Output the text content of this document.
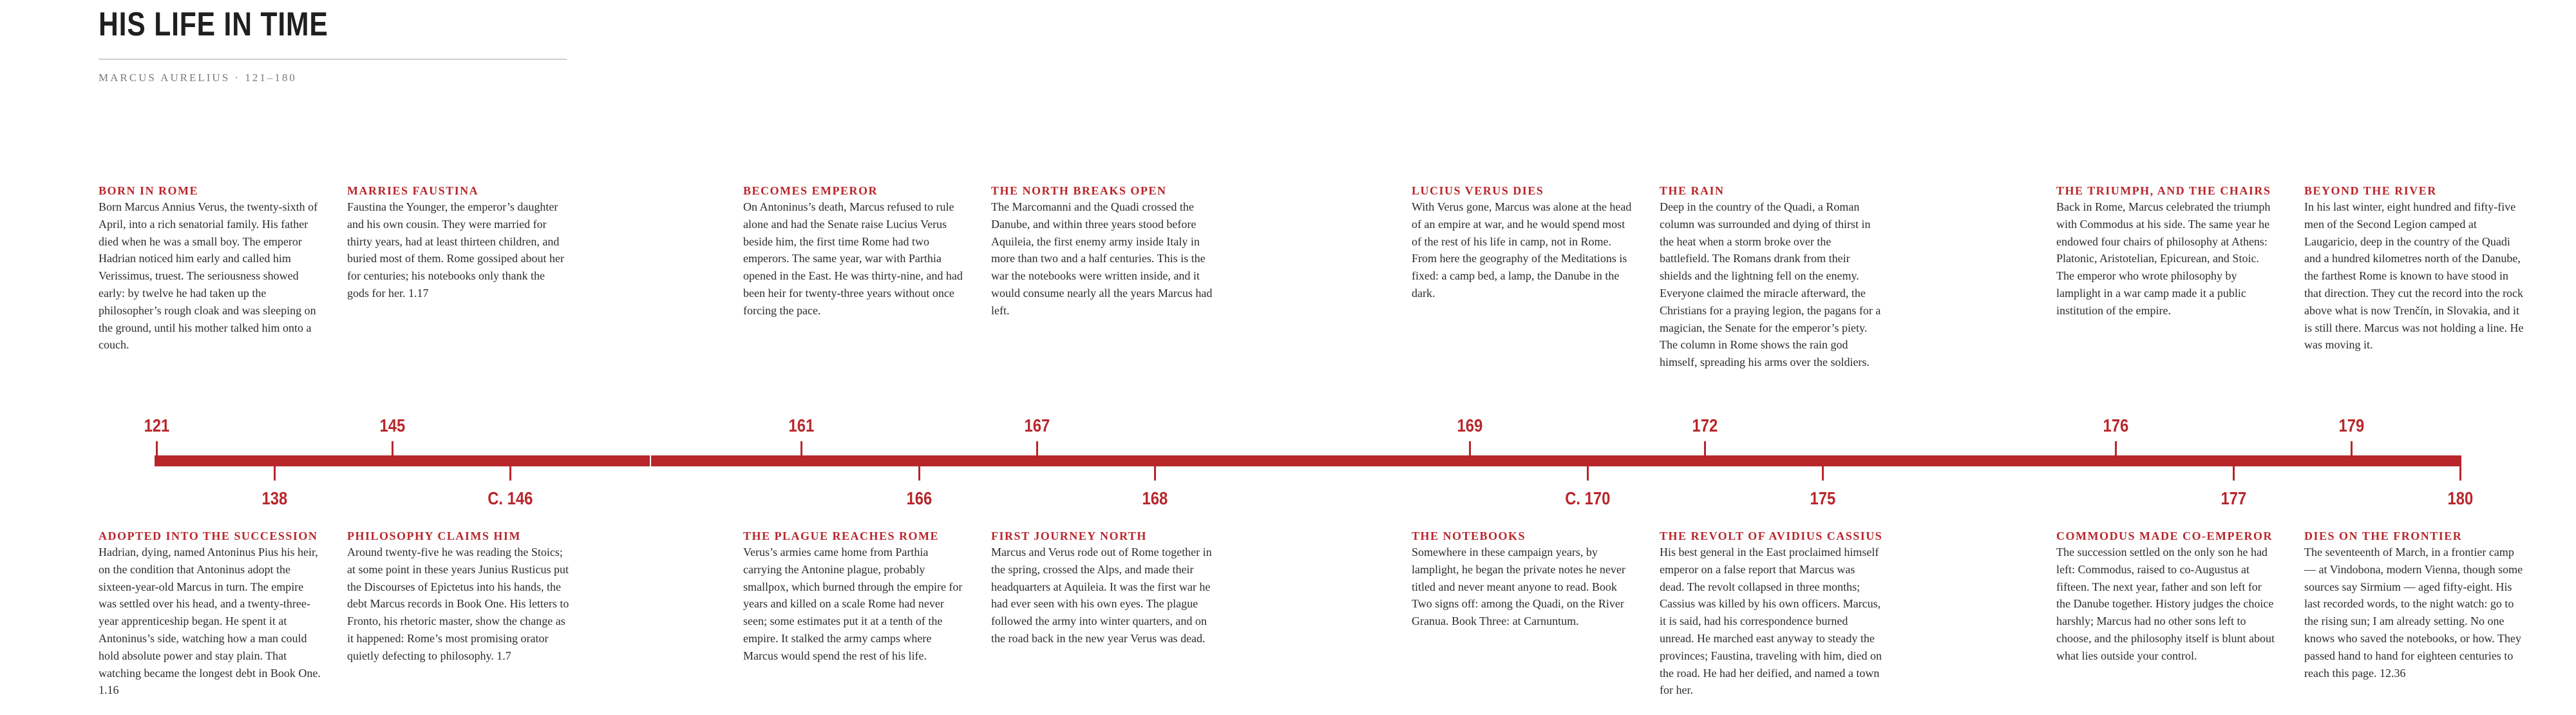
HIS LIFE IN TIME
MARCUS AURELIUS · 121–180
BORN IN ROME
Born Marcus Annius Verus, the twenty-sixth of April, into a rich senatorial family. His father died when he was a small boy. The emperor Hadrian noticed him early and called him Verissimus, truest. The seriousness showed early: by twelve he had taken up the philosopher’s rough cloak and was sleeping on the ground, until his mother talked him onto a couch.
MARRIES FAUSTINA
Faustina the Younger, the emperor’s daughter and his own cousin. They were married for thirty years, had at least thirteen children, and buried most of them. Rome gossiped about her for centuries; his notebooks only thank the gods for her. 1.17
BECOMES EMPEROR
On Antoninus’s death, Marcus refused to rule alone and had the Senate raise Lucius Verus beside him, the first time Rome had two emperors. The same year, war with Parthia opened in the East. He was thirty-nine, and had been heir for twenty-three years without once forcing the pace.
THE NORTH BREAKS OPEN
The Marcomanni and the Quadi crossed the Danube, and within three years stood before Aquileia, the first enemy army inside Italy in more than two and a half centuries. This is the war the notebooks were written inside, and it would consume nearly all the years Marcus had left.
LUCIUS VERUS DIES
With Verus gone, Marcus was alone at the head of an empire at war, and he would spend most of the rest of his life in camp, not in Rome. From here the geography of the Meditations is fixed: a camp bed, a lamp, the Danube in the dark.
THE RAIN
Deep in the country of the Quadi, a Roman column was surrounded and dying of thirst in the heat when a storm broke over the battlefield. The Romans drank from their shields and the lightning fell on the enemy. Everyone claimed the miracle afterward, the Christians for a praying legion, the pagans for a magician, the Senate for the emperor’s piety. The column in Rome shows the rain god himself, spreading his arms over the soldiers.
THE TRIUMPH, AND THE CHAIRS
Back in Rome, Marcus celebrated the triumph with Commodus at his side. The same year he endowed four chairs of philosophy at Athens: Platonic, Aristotelian, Epicurean, and Stoic. The emperor who wrote philosophy by lamplight in a war camp made it a public institution of the empire.
BEYOND THE RIVER
In his last winter, eight hundred and fifty-five men of the Second Legion camped at Laugaricio, deep in the country of the Quadi and a hundred kilometres north of the Danube, the farthest Rome is known to have stood in that direction. They cut the record into the rock above what is now Trenčín, in Slovakia, and it is still there. Marcus was not holding a line. He was moving it.
121	145	161	167	169	172	176	179
138	C. 146	166	168	C. 170	175	177	180
ADOPTED INTO THE SUCCESSION
Hadrian, dying, named Antoninus Pius his heir, on the condition that Antoninus adopt the sixteen-year-old Marcus in turn. The empire was settled over his head, and a twenty-three-year apprenticeship began. He spent it at Antoninus’s side, watching how a man could hold absolute power and stay plain. That watching became the longest debt in Book One. 1.16
PHILOSOPHY CLAIMS HIM
Around twenty-five he was reading the Stoics; at some point in these years Junius Rusticus put the Discourses of Epictetus into his hands, the debt Marcus records in Book One. His letters to Fronto, his rhetoric master, show the change as it happened: Rome’s most promising orator quietly defecting to philosophy. 1.7
THE PLAGUE REACHES ROME
Verus’s armies came home from Parthia carrying the Antonine plague, probably smallpox, which burned through the empire for years and killed on a scale Rome had never seen; some estimates put it at a tenth of the empire. It stalked the army camps where Marcus would spend the rest of his life.
FIRST JOURNEY NORTH
Marcus and Verus rode out of Rome together in the spring, crossed the Alps, and made their headquarters at Aquileia. It was the first war he had ever seen with his own eyes. The plague followed the army into winter quarters, and on the road back in the new year Verus was dead.
THE NOTEBOOKS
Somewhere in these campaign years, by lamplight, he began the private notes he never titled and never meant anyone to read. Book Two signs off: among the Quadi, on the River Granua. Book Three: at Carnuntum.
THE REVOLT OF AVIDIUS CASSIUS
His best general in the East proclaimed himself emperor on a false report that Marcus was dead. The revolt collapsed in three months; Cassius was killed by his own officers. Marcus, it is said, had his correspondence burned unread. He marched east anyway to steady the provinces; Faustina, traveling with him, died on the road. He had her deified, and named a town for her.
COMMODUS MADE CO-EMPEROR
The succession settled on the only son he had left: Commodus, raised to co-Augustus at fifteen. The next year, father and son left for the Danube together. History judges the choice harshly; Marcus had no other sons left to choose, and the philosophy itself is blunt about what lies outside your control.
DIES ON THE FRONTIER
The seventeenth of March, in a frontier camp — at Vindobona, modern Vienna, though some sources say Sirmium — aged fifty-eight. His last recorded words, to the night watch: go to the rising sun; I am already setting. No one knows who saved the notebooks, or how. They passed hand to hand for eighteen centuries to reach this page. 12.36
